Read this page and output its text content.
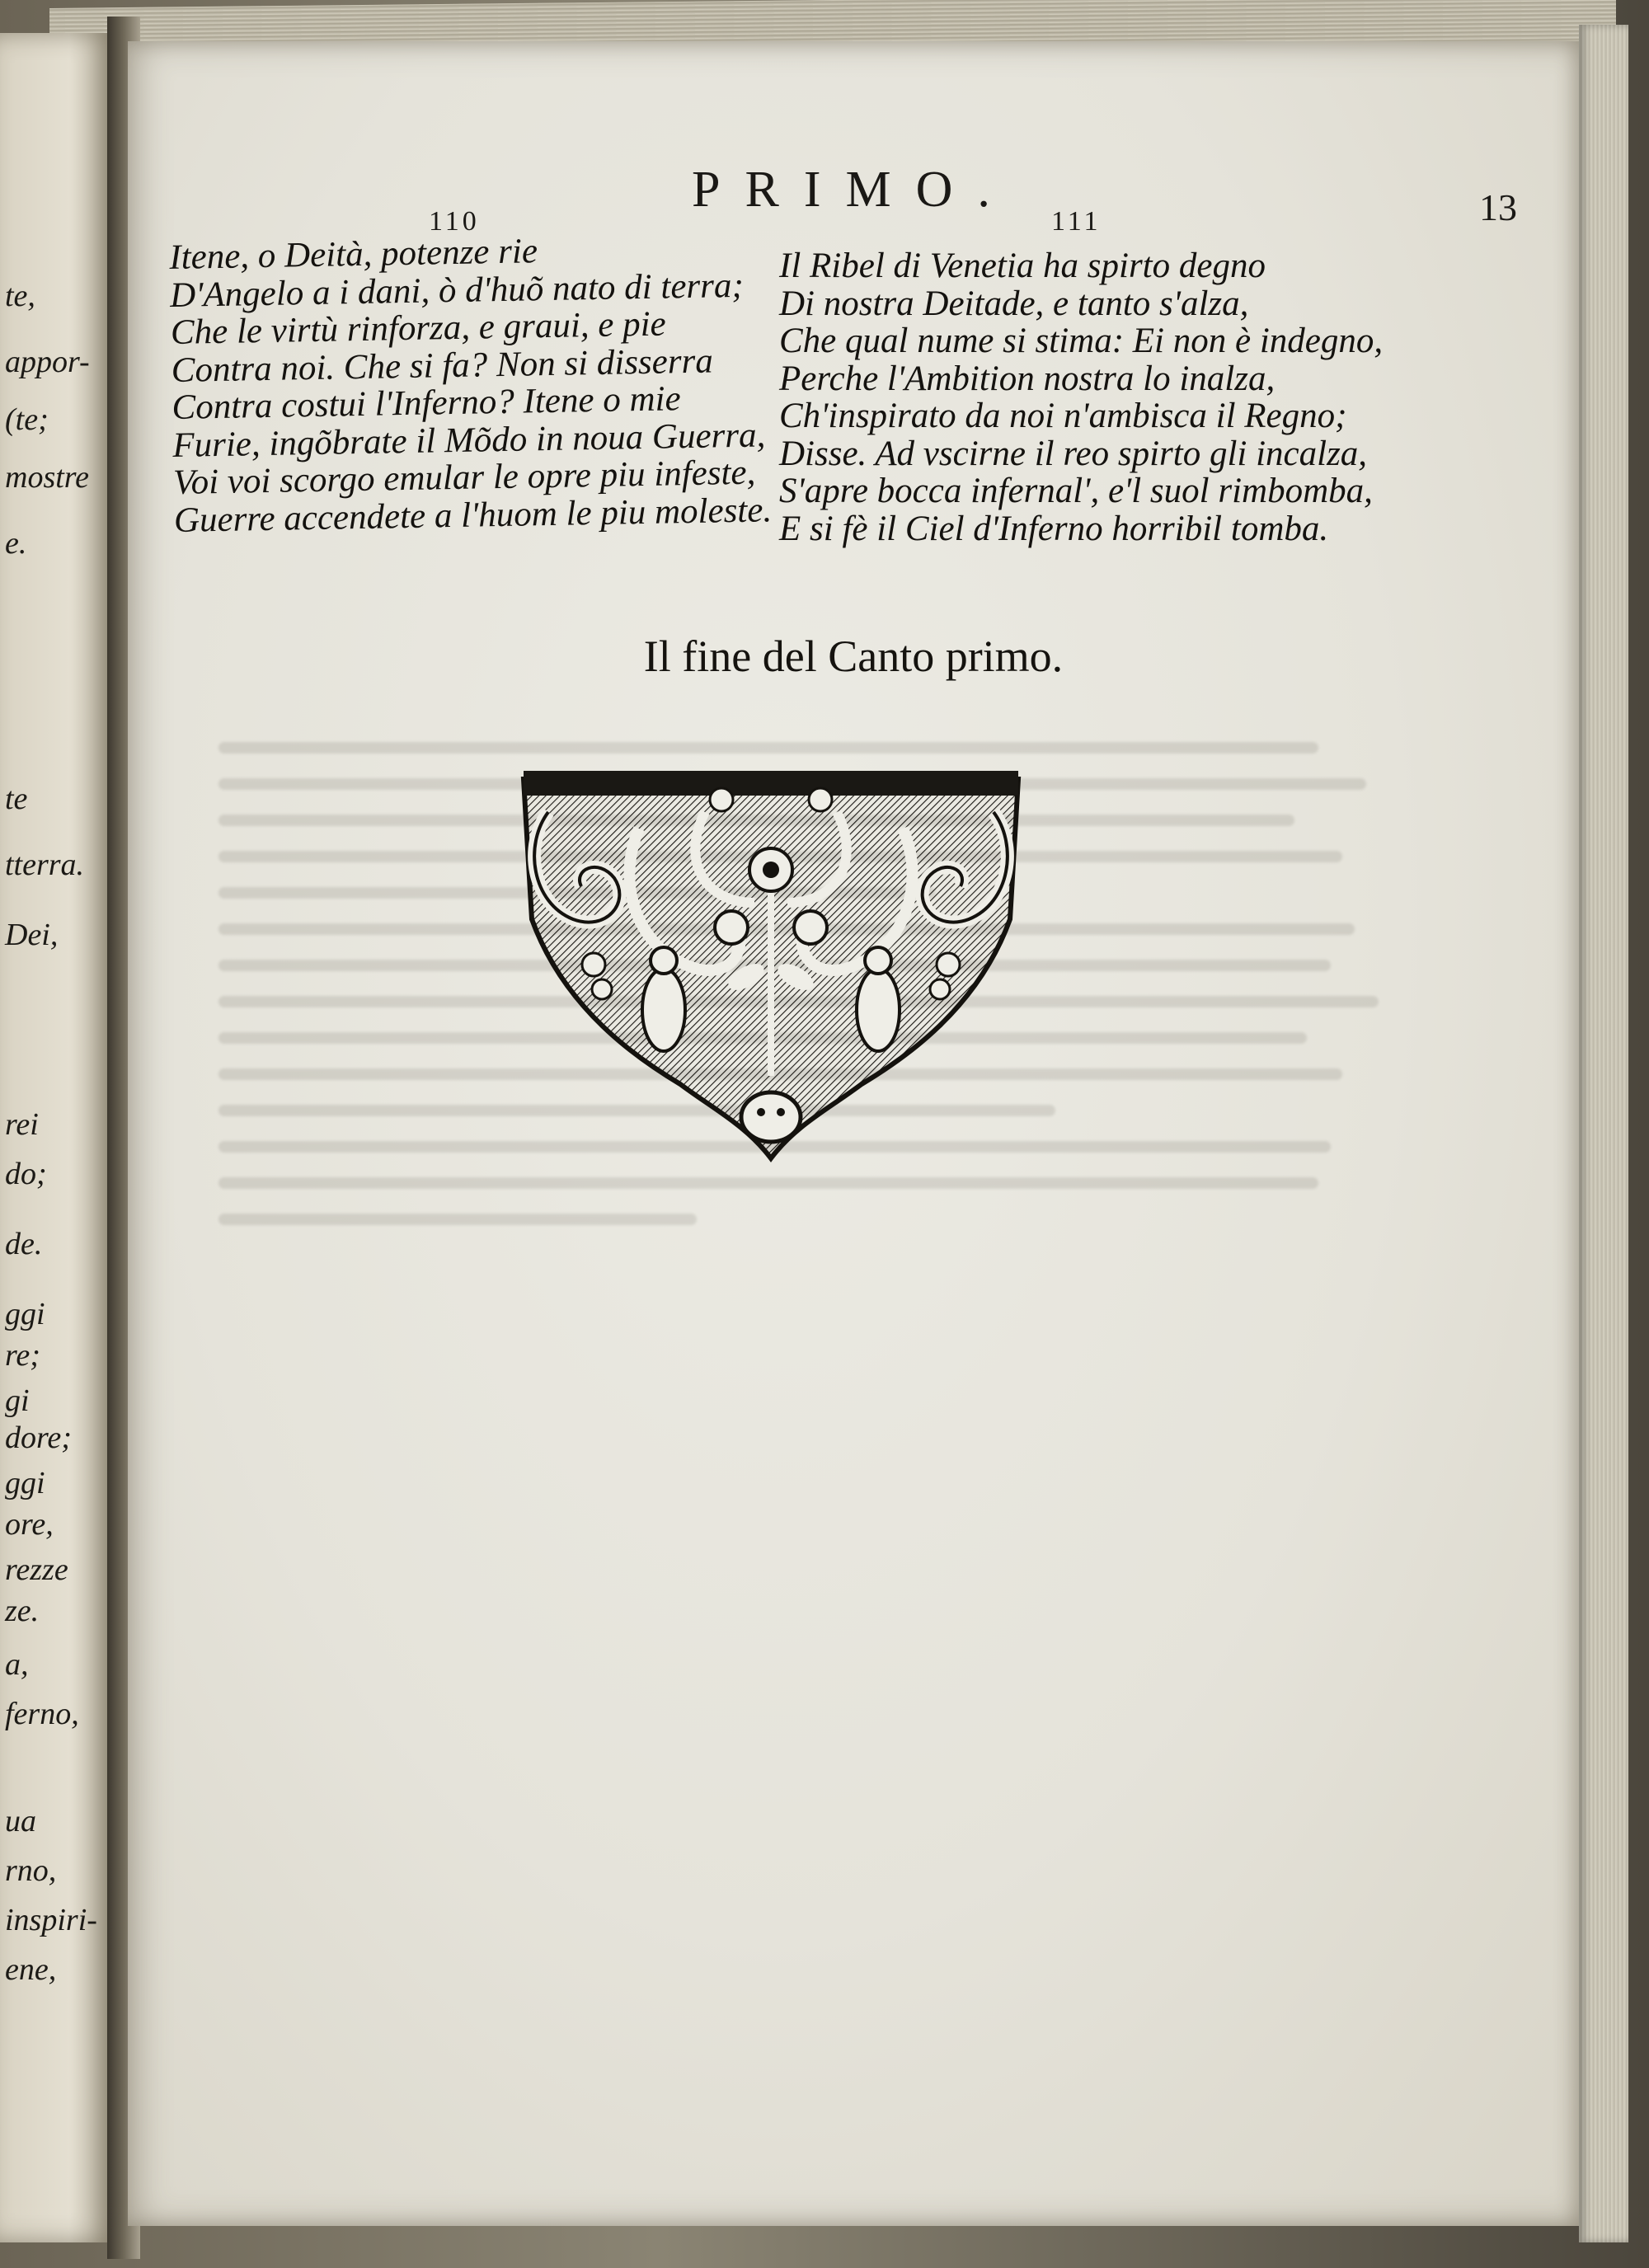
te,
appor-
(te;
mostre
e.
te
tterra.
Dei,
rei
do;
de.
ggi
re;
gi
dore;
ggi
ore,
rezze
ze.
a,
ferno,
ua
rno,
inspiri-
ene,
PRIMO.	13
110
Itene, o Deità, potenze rie
D'Angelo a i dani, ò d'huõ nato di terra;
Che le virtù rinforza, e graui, e pie
Contra noi. Che si fa? Non si disserra
Contra costui l'Inferno? Itene o mie
Furie, ingõbrate il Mõdo in noua Guerra,
Voi voi scorgo emular le opre piu infeste,
Guerre accendete a l'huom le piu moleste.
111
Il Ribel di Venetia ha spirto degno
Di nostra Deitade, e tanto s'alza,
Che qual nume si stima: Ei non è indegno,
Perche l'Ambition nostra lo inalza,
Ch'inspirato da noi n'ambisca il Regno;
Disse. Ad vscirne il reo spirto gli incalza,
S'apre bocca infernal', e'l suol rimbomba,
E si fè il Ciel d'Inferno horribil tomba.
Il fine del Canto primo.
